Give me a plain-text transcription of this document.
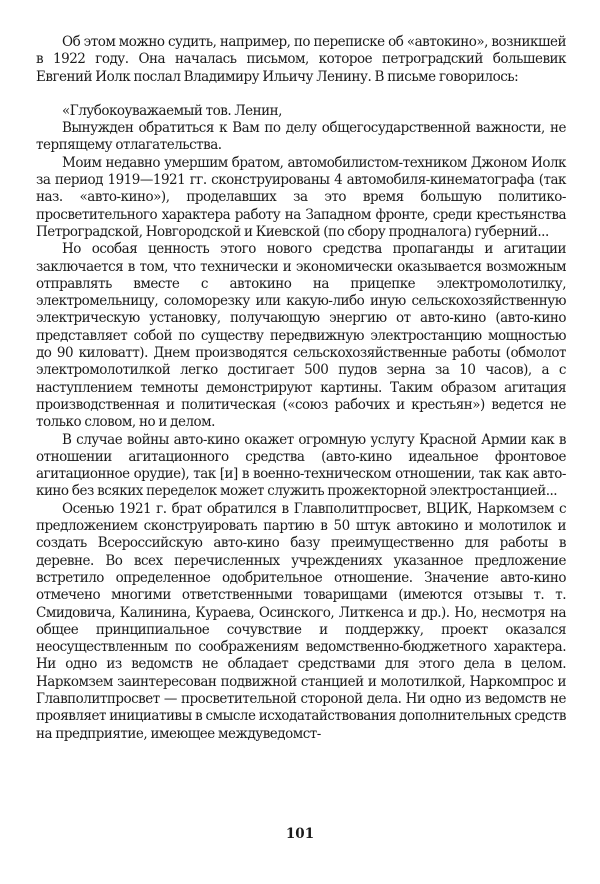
Об этом можно судить, например, по переписке об «автокино», возникшей в 1922 году. Она началась письмом, которое петроградский большевик Евгений Иолк послал Владимиру Ильичу Ленину. В письме говорилось:

«Глубокоуважаемый тов. Ленин,

Вынужден обратиться к Вам по делу общегосударственной важности, не терпящему отлагательства.

Моим недавно умершим братом, автомобилистом-техником Джоном Иолк за период 1919—1921 гг. сконструированы 4 автомобиля-кинематографа (так наз. «авто-кино»), проделавших за это время большую политико-просветительного характера работу на Западном фронте, среди крестьянства Петроградской, Новгородской и Киевской (по сбору продналога) губерний...

Но особая ценность этого нового средства пропаганды и агитации заключается в том, что технически и экономически оказывается возможным отправлять вместе с автокино на прицепке электромолотилку, электромельницу, соломорезку или какую-либо иную сельскохозяйственную электрическую установку, получающую энергию от авто-кино (авто-кино представляет собой по существу передвижную электростанцию мощностью до 90 киловатт). Днем производятся сельскохозяйственные работы (обмолот электромолотилкой легко достигает 500 пудов зерна за 10 часов), а с наступлением темноты демонстрируют картины. Таким образом агитация производственная и политическая («союз рабочих и крестьян») ведется не только словом, но и делом.

В случае войны авто-кино окажет огромную услугу Красной Армии как в отношении агитационного средства (авто-кино идеальное фронтовое агитационное орудие), так [и] в военно-техническом отношении, так как авто-кино без всяких переделок может служить прожекторной электростанцией...

Осенью 1921 г. брат обратился в Главполитпросвет, ВЦИК, Наркомзем с предложением сконструировать партию в 50 штук автокино и молотилок и создать Всероссийскую авто-кино базу преимущественно для работы в деревне. Во всех перечисленных учреждениях указанное предложение встретило определенное одобрительное отношение. Значение авто-кино отмечено многими ответственными товарищами (имеются отзывы т. т. Смидовича, Калинина, Кураева, Осинского, Литкенса и др.). Но, несмотря на общее принципиальное сочувствие и поддержку, проект оказался неосуществленным по соображениям ведомственно-бюджетного характера. Ни одно из ведомств не обладает средствами для этого дела в целом. Наркомзем заинтересован подвижной станцией и молотилкой, Наркомпрос и Главполитпросвет — просветительной стороной дела. Ни одно из ведомств не проявляет инициативы в смысле исходатайствования дополнительных средств на предприятие, имеющее междуведомст-

101
